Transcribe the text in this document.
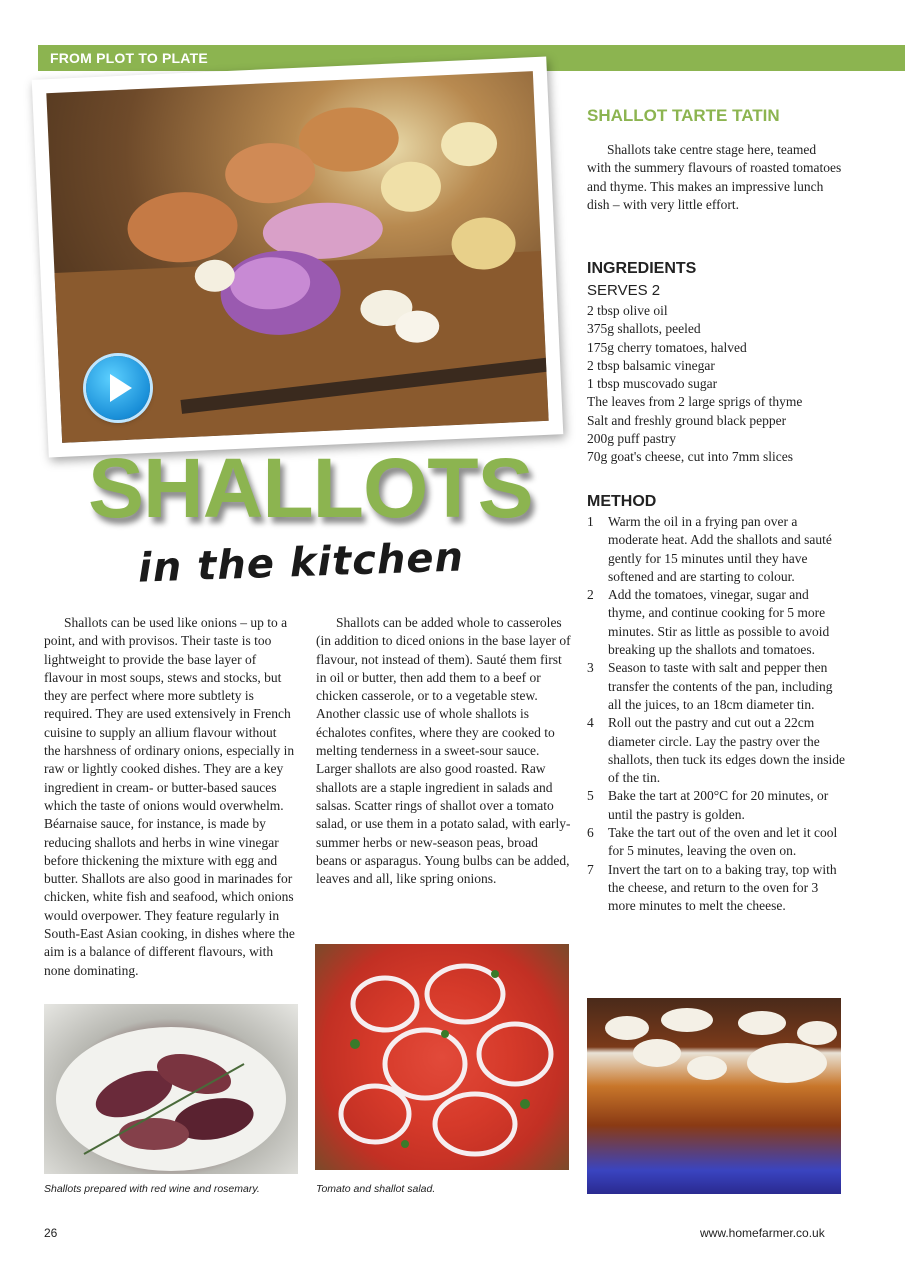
FROM PLOT TO PLATE
SHALLOTS
in the kitchen

Shallots can be used like onions – up to a point, and with provisos. Their taste is too lightweight to provide the base layer of flavour in most soups, stews and stocks, but they are perfect where more subtlety is required. They are used extensively in French cuisine to supply an allium flavour without the harshness of ordinary onions, especially in raw or lightly cooked dishes. They are a key ingredient in cream- or butter-based sauces which the taste of onions would overwhelm. Béarnaise sauce, for instance, is made by reducing shallots and herbs in wine vinegar before thickening the mixture with egg and butter. Shallots are also good in marinades for chicken, white fish and seafood, which onions would overpower. They feature regularly in South-East Asian cooking, in dishes where the aim is a balance of different flavours, with none dominating.

Shallots can be added whole to casseroles (in addition to diced onions in the base layer of flavour, not instead of them). Sauté them first in oil or butter, then add them to a beef or chicken casserole, or to a vegetable stew. Another classic use of whole shallots is échalotes confites, where they are cooked to melting tenderness in a sweet-sour sauce. Larger shallots are also good roasted. Raw shallots are a staple ingredient in salads and salsas. Scatter rings of shallot over a tomato salad, or use them in a potato salad, with early-summer herbs or new-season peas, broad beans or asparagus. Young bulbs can be added, leaves and all, like spring onions.

Shallots prepared with red wine and rosemary.	Tomato and shallot salad.
SHALLOT TARTE TATIN

Shallots take centre stage here, teamed with the summery flavours of roasted tomatoes and thyme. This makes an impressive lunch dish – with very little effort.

INGREDIENTS
SERVES 2
2 tbsp olive oil
375g shallots, peeled
175g cherry tomatoes, halved
2 tbsp balsamic vinegar
1 tbsp muscovado sugar
The leaves from 2 large sprigs of thyme
Salt and freshly ground black pepper
200g puff pastry
70g goat's cheese, cut into 7mm slices
METHOD
1 Warm the oil in a frying pan over a moderate heat. Add the shallots and sauté gently for 15 minutes until they have softened and are starting to colour.
2 Add the tomatoes, vinegar, sugar and thyme, and continue cooking for 5 more minutes. Stir as little as possible to avoid breaking up the shallots and tomatoes.
3 Season to taste with salt and pepper then transfer the contents of the pan, including all the juices, to an 18cm diameter tin.
4 Roll out the pastry and cut out a 22cm diameter circle. Lay the pastry over the shallots, then tuck its edges down the inside of the tin.
5 Bake the tart at 200°C for 20 minutes, or until the pastry is golden.
6 Take the tart out of the oven and let it cool for 5 minutes, leaving the oven on.
7 Invert the tart on to a baking tray, top with the cheese, and return to the oven for 3 more minutes to melt the cheese.
26	www.homefarmer.co.uk
